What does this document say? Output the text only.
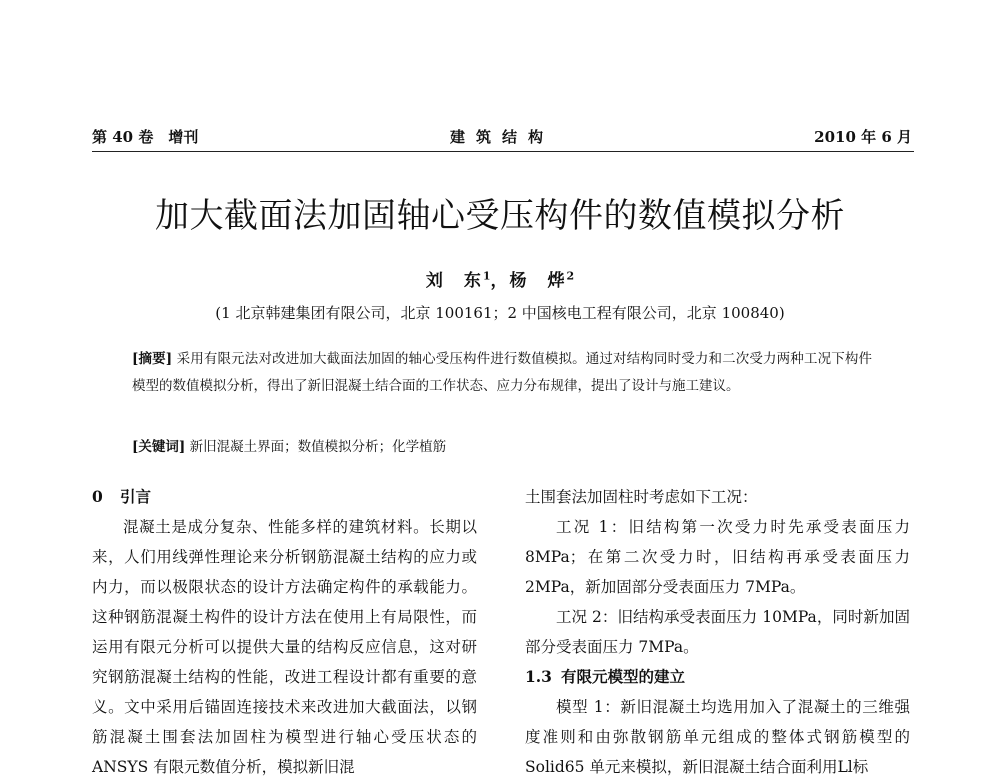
第 40 卷　增刊	建筑结构	2010 年 6 月
加大截面法加固轴心受压构件的数值模拟分析
刘　东$^1$，杨　烨$^2$
(1 北京韩建集团有限公司，北京 100161；2 中国核电工程有限公司，北京 100840)

[摘要] 采用有限元法对改进加大截面法加固的轴心受压构件进行数值模拟。通过对结构同时受力和二次受力两种工况下构件模型的数值模拟分析，得出了新旧混凝土结合面的工作状态、应力分布规律，提出了设计与施工建议。

[关键词] 新旧混凝土界面；数值模拟分析；化学植筋
0 引言

混凝土是成分复杂、性能多样的建筑材料。长期以来，人们用线弹性理论来分析钢筋混凝土结构的应力或内力，而以极限状态的设计方法确定构件的承载能力。这种钢筋混凝土构件的设计方法在使用上有局限性，而运用有限元分析可以提供大量的结构反应信息，这对研究钢筋混凝土结构的性能，改进工程设计都有重要的意义。文中采用后锚固连接技术来改进加大截面法，以钢筋混凝土围套法加固柱为模型进行轴心受压状态的 ANSYS 有限元数值分析，模拟新旧混

土围套法加固柱时考虑如下工况：

工况 1：旧结构第一次受力时先承受表面压力 8MPa；在第二次受力时，旧结构再承受表面压力 2MPa，新加固部分受表面压力 7MPa。

工况 2：旧结构承受表面压力 10MPa，同时新加固部分受表面压力 7MPa。

1.3 有限元模型的建立

模型 1：新旧混凝土均选用加入了混凝土的三维强度准则和由弥散钢筋单元组成的整体式钢筋模型的 Solid65 单元来模拟，新旧混凝土结合面利用Ll标
